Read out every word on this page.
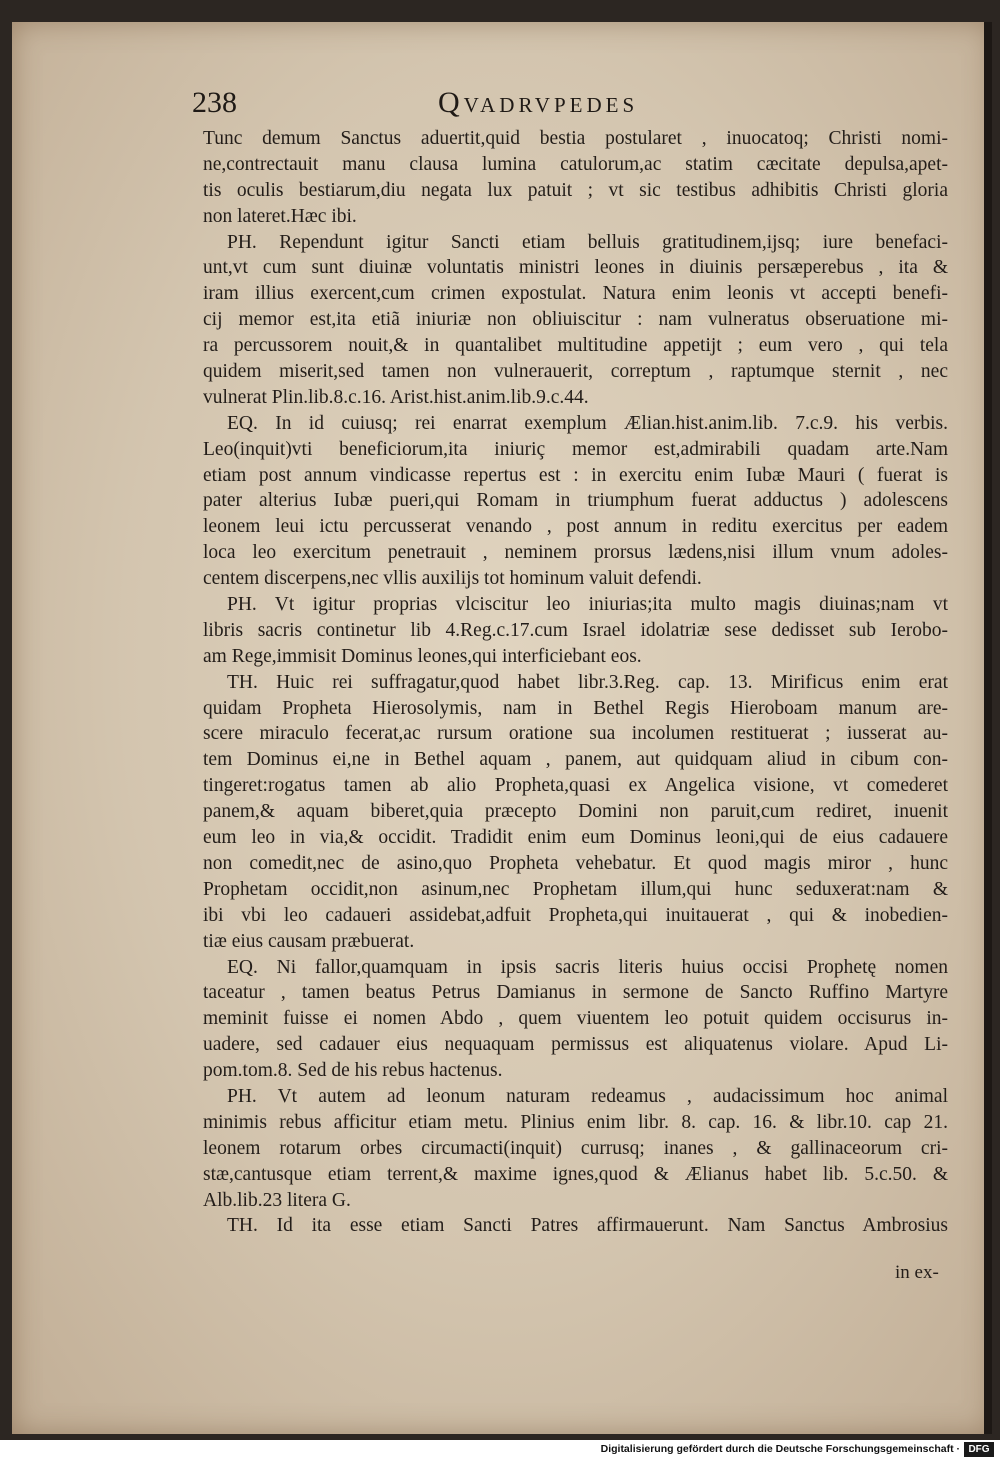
238	Qvadrvpedes
Tunc demum Sanctus aduertit,quid bestia postularet , inuocatoq; Christi nomi-
ne,contrectauit manu clausa lumina catulorum,ac statim cæcitate depulsa,apet-
tis oculis bestiarum,diu negata lux patuit ; vt sic testibus adhibitis Christi gloria
non lateret.Hæc ibi.
PH. Rependunt igitur Sancti etiam belluis gratitudinem,ijsq; iure benefaci-
unt,vt cum sunt diuinæ voluntatis ministri leones in diuinis persæperebus , ita &
iram illius exercent,cum crimen expostulat. Natura enim leonis vt accepti benefi-
cij memor est,ita etiã iniuriæ non obliuiscitur : nam vulneratus obseruatione mi-
ra percussorem nouit,& in quantalibet multitudine appetijt ; eum vero , qui tela
quidem miserit,sed tamen non vulnerauerit, correptum , raptumque sternit , nec
vulnerat Plin.lib.8.c.16. Arist.hist.anim.lib.9.c.44.
EQ. In id cuiusq; rei enarrat exemplum Ælian.hist.anim.lib. 7.c.9. his verbis.
Leo(inquit)vti beneficiorum,ita iniuriç memor est,admirabili quadam arte.Nam
etiam post annum vindicasse repertus est : in exercitu enim Iubæ Mauri ( fuerat is
pater alterius Iubæ pueri,qui Romam in triumphum fuerat adductus ) adolescens
leonem leui ictu percusserat venando , post annum in reditu exercitus per eadem
loca leo exercitum penetrauit , neminem prorsus lædens,nisi illum vnum adoles-
centem discerpens,nec vllis auxilijs tot hominum valuit defendi.
PH. Vt igitur proprias vlciscitur leo iniurias;ita multo magis diuinas;nam vt
libris sacris continetur lib 4.Reg.c.17.cum Israel idolatriæ sese dedisset sub Ierobo-
am Rege,immisit Dominus leones,qui interficiebant eos.
TH. Huic rei suffragatur,quod habet libr.3.Reg. cap. 13. Mirificus enim erat
quidam Propheta Hierosolymis, nam in Bethel Regis Hieroboam manum are-
scere miraculo fecerat,ac rursum oratione sua incolumen restituerat ; iusserat au-
tem Dominus ei,ne in Bethel aquam , panem, aut quidquam aliud in cibum con-
tingeret:rogatus tamen ab alio Propheta,quasi ex Angelica visione, vt comederet
panem,& aquam biberet,quia præcepto Domini non paruit,cum rediret, inuenit
eum leo in via,& occidit. Tradidit enim eum Dominus leoni,qui de eius cadauere
non comedit,nec de asino,quo Propheta vehebatur. Et quod magis miror , hunc
Prophetam occidit,non asinum,nec Prophetam illum,qui hunc seduxerat:nam &
ibi vbi leo cadaueri assidebat,adfuit Propheta,qui inuitauerat , qui & inobedien-
tiæ eius causam præbuerat.
EQ. Ni fallor,quamquam in ipsis sacris literis huius occisi Prophetę nomen
taceatur , tamen beatus Petrus Damianus in sermone de Sancto Ruffino Martyre
meminit fuisse ei nomen Abdo , quem viuentem leo potuit quidem occisurus in-
uadere, sed cadauer eius nequaquam permissus est aliquatenus violare. Apud Li-
pom.tom.8. Sed de his rebus hactenus.
PH. Vt autem ad leonum naturam redeamus , audacissimum hoc animal
minimis rebus afficitur etiam metu. Plinius enim libr. 8. cap. 16. & libr.10. cap 21.
leonem rotarum orbes circumacti(inquit) currusq; inanes , & gallinaceorum cri-
stæ,cantusque etiam terrent,& maxime ignes,quod & Ælianus habet lib. 5.c.50. &
Alb.lib.23 litera G.
TH. Id ita esse etiam Sancti Patres affirmauerunt. Nam Sanctus Ambrosius
in ex-
Digitalisierung gefördert durch die Deutsche Forschungsgemeinschaft · DFG
